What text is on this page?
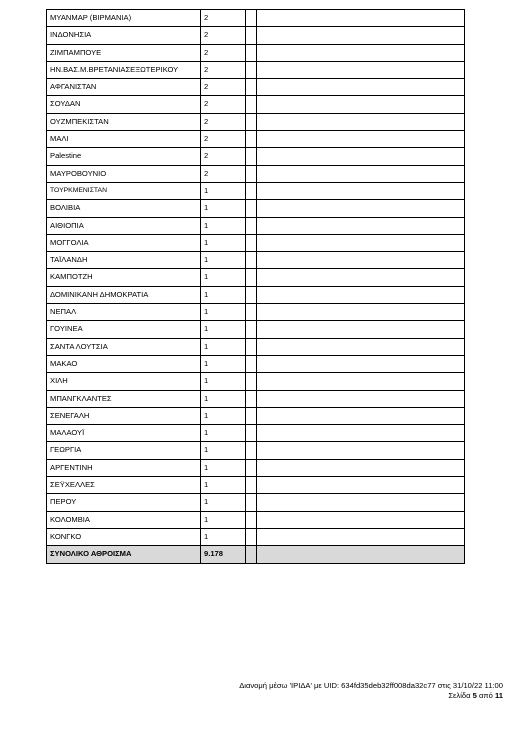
ΜΥΑΝΜΑΡ (ΒΙΡΜΑΝΙΑ)	2		
ΙΝΔΟΝΗΣΙΑ	2		
ΖΙΜΠΑΜΠΟΥΕ	2		
ΗΝ.ΒΑΣ.Μ.ΒΡΕΤΑΝΙΑΣΕΞΩΤΕΡΙΚΟΥ	2		
ΑΦΓΑΝΙΣΤΑΝ	2		
ΣΟΥΔΑΝ	2		
ΟΥΖΜΠΕΚΙΣΤΑΝ	2		
ΜΑΛΙ	2		
Palestine	2		
ΜΑΥΡΟΒΟΥΝΙΟ	2		
ΤΟΥΡΚΜΕΝΙΣΤΑΝ	1		
ΒΟΛΙΒΙΑ	1		
ΑΙΘΙΟΠΙΑ	1		
ΜΟΓΓΟΛΙΑ	1		
ΤΑΪΛΑΝΔΗ	1		
ΚΑΜΠΟΤΖΗ	1		
ΔΟΜΙΝΙΚΑΝΗ ΔΗΜΟΚΡΑΤΙΑ	1		
ΝΕΠΑΛ	1		
ΓΟΥΙΝΕΑ	1		
ΣΑΝΤΑ ΛΟΥΤΣΙΑ	1		
ΜΑΚΑΟ	1		
ΧΙΛΗ	1		
ΜΠΑΝΓΚΛΑΝΤΕΣ	1		
ΣΕΝΕΓΑΛΗ	1		
ΜΑΛΑΟΥΪ	1		
ΓΕΩΡΓΙΑ	1		
ΑΡΓΕΝΤΙΝΗ	1		
ΣΕΫΧΕΛΛΕΣ	1		
ΠΕΡΟΥ	1		
ΚΟΛΟΜΒΙΑ	1		
ΚΟΝΓΚΟ	1		
ΣΥΝΟΛΙΚΟ ΑΘΡΟΙΣΜΑ	9.178		
Διανομή μέσω 'ΙΡΙΔΑ' με UID: 634fd35deb32ff008da32c77 στις 31/10/22 11:00
Σελίδα 5 από 11
